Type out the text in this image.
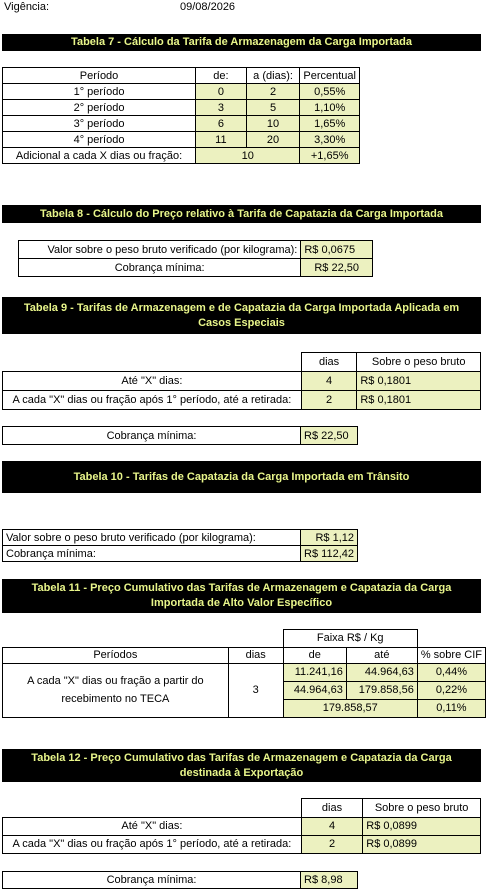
Vigência:	09/08/2026
Tabela 7 - Cálculo da Tarifa de Armazenagem da Carga Importada
Período	de:	a (dias):	Percentual
1° período	0	2	0,55%
2° período	3	5	1,10%
3° período	6	10	1,65%
4° período	11	20	3,30%
Adicional a cada X dias ou fração:	10		+1,65%
Tabela 8 - Cálculo do Preço relativo à Tarifa de Capatazia da Carga Importada
Valor sobre o peso bruto verificado (por kilograma):	R$ 0,0675
Cobrança mínima:	R$ 22,50
Tabela 9 - Tarifas de Armazenagem e de Capatazia da Carga Importada Aplicada em Casos Especiais
	dias	Sobre o peso bruto
Até "X" dias:	4	R$ 0,1801
A cada "X" dias ou fração após 1° período, até a retirada:	2	R$ 0,1801
Cobrança mínima:	R$ 22,50
Tabela 10 - Tarifas de Capatazia da Carga Importada em Trânsito
Valor sobre o peso bruto verificado (por kilograma):	R$ 1,12
Cobrança mínima:	R$ 112,42
Tabela 11 - Preço Cumulativo das Tarifas de Armazenagem e Capatazia da Carga Importada de Alto Valor Específico
		Faixa R$ / Kg		
Períodos	dias	de	até	% sobre CIF
A cada "X" dias ou fração a partir do recebimento no TECA	3	11.241,16	44.964,63	0,44%
		44.964,63	179.858,56	0,22%
		179.858,57		0,11%
Tabela 12 - Preço Cumulativo das Tarifas de Armazenagem e Capatazia da Carga destinada à Exportação
	dias	Sobre o peso bruto
Até "X" dias:	4	R$ 0,0899
A cada "X" dias ou fração após 1° período, até a retirada:	2	R$ 0,0899
Cobrança mínima:	R$ 8,98
